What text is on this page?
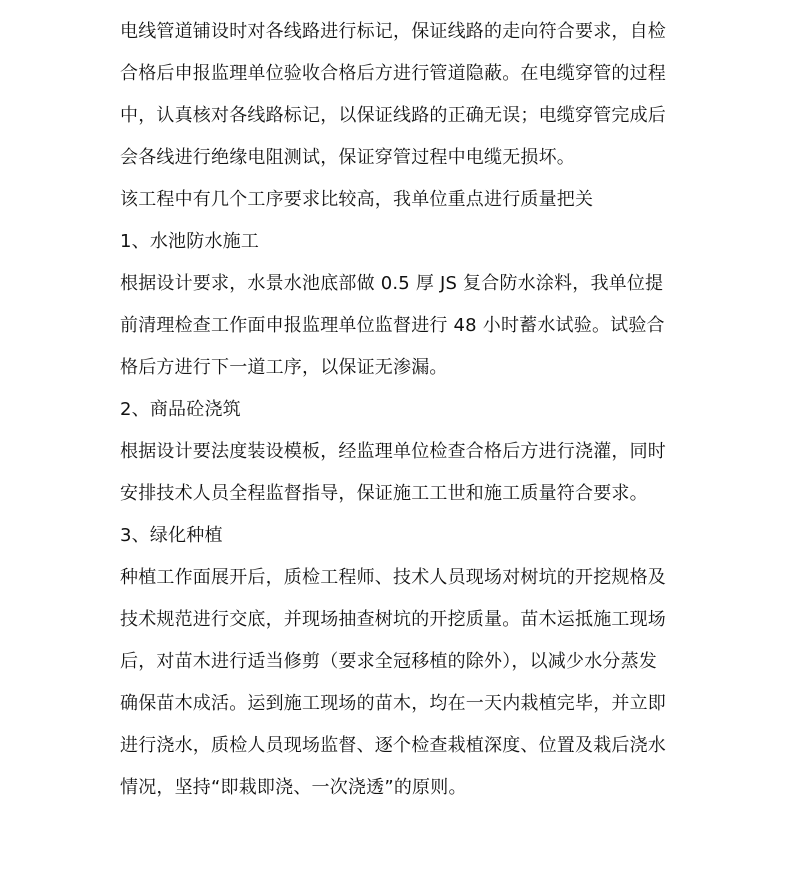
电线管道铺设时对各线路进行标记，保证线路的走向符合要求，自检
合格后申报监理单位验收合格后方进行管道隐蔽。在电缆穿管的过程
中，认真核对各线路标记，以保证线路的正确无误；电缆穿管完成后
会各线进行绝缘电阻测试，保证穿管过程中电缆无损坏。
该工程中有几个工序要求比较高，我单位重点进行质量把关
1、水池防水施工
根据设计要求，水景水池底部做 0.5 厚 JS 复合防水涂料，我单位提
前清理检查工作面申报监理单位监督进行 48 小时蓄水试验。试验合
格后方进行下一道工序，以保证无渗漏。
2、商品砼浇筑
根据设计要法度装设模板，经监理单位检查合格后方进行浇灌，同时
安排技术人员全程监督指导，保证施工工世和施工质量符合要求。
3、绿化种植
种植工作面展开后，质检工程师、技术人员现场对树坑的开挖规格及
技术规范进行交底，并现场抽查树坑的开挖质量。苗木运抵施工现场
后，对苗木进行适当修剪（要求全冠移植的除外），以减少水分蒸发
确保苗木成活。运到施工现场的苗木，均在一天内栽植完毕，并立即
进行浇水，质检人员现场监督、逐个检查栽植深度、位置及栽后浇水
情况，坚持“即栽即浇、一次浇透”的原则。
